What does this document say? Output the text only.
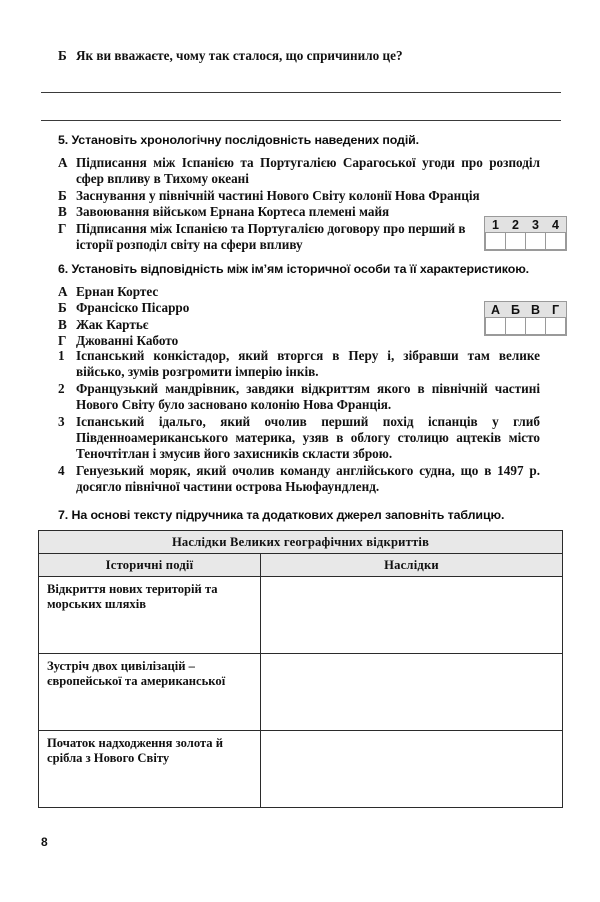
Б Як ви вважаєте, чому так сталося, що спричинило це?
5. Установіть хронологічну послідовність наведених подій.
А Підписання між Іспанією та Португалією Сарагоської угоди про розподіл сфер впливу в Тихому океані
Б Заснування у північній частині Нового Світу колонії Нова Франція
В Завоювання військом Ернана Кортеса племені майя
Г Підписання між Іспанією та Португалією договору про перший в історії розподіл світу на сфери впливу
1	2	3	4

6. Установіть відповідність між ім’ям історичної особи та її характеристикою.
А Ернан Кортес
Б Франсіско Пісарро
В Жак Картьє
Г Джованні Кабото
А	Б	В	Г

1 Іспанський конкістадор, який вторгся в Перу і, зібравши там велике військо, зумів розгромити імперію інків.
2 Французький мандрівник, завдяки відкриттям якого в північній частині Нового Світу було засновано колонію Нова Франція.
3 Іспанський ідальго, який очолив перший похід іспанців у глиб Південноамериканського материка, узяв в облогу столицю ацтеків місто Теночтітлан і змусив його захисників скласти зброю.
4 Генуезький моряк, який очолив команду англійського судна, що в 1497 р. досягло північної частини острова Ньюфаундленд.
7. На основі тексту підручника та додаткових джерел заповніть таблицю.
Наслідки Великих географічних відкриттів	
Історичні події	Наслідки

Відкриття нових територій та морських шляхів	

Зустріч двох цивілізацій – європейської та американської	

Початок надходження золота й срібла з Нового Світу	

8
